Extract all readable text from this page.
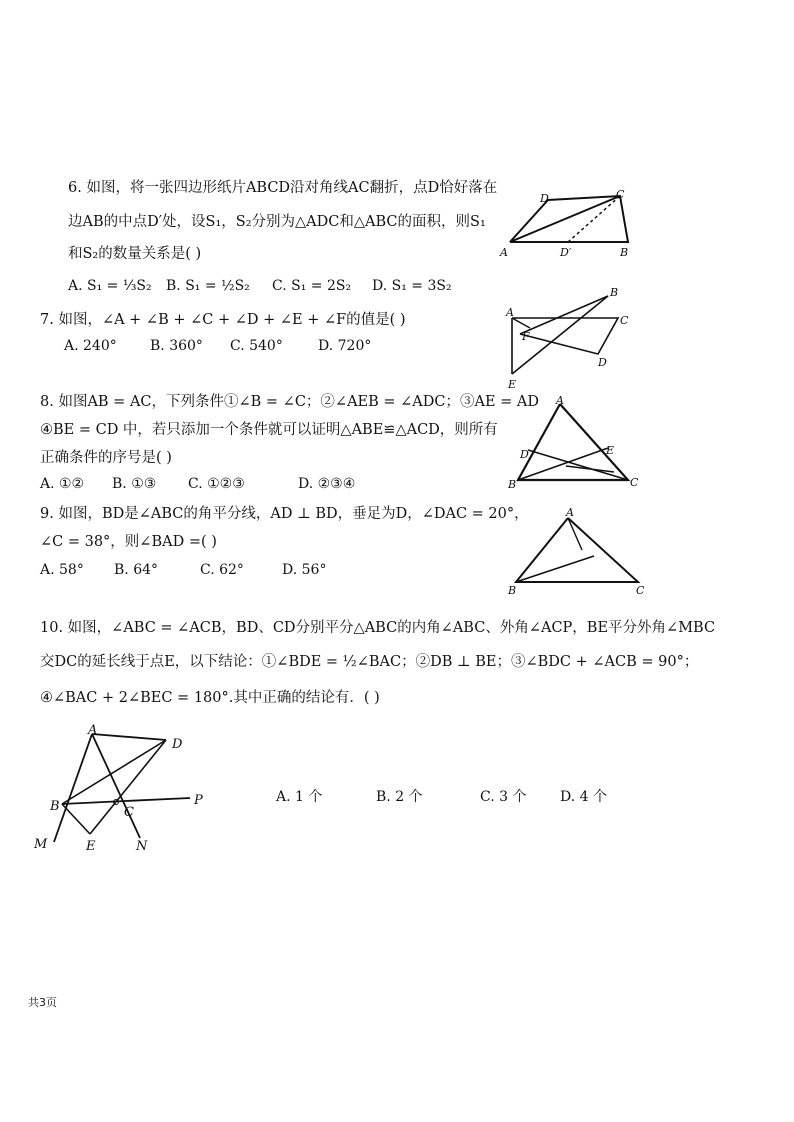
6. 如图，将一张四边形纸片ABCD沿对角线AC翻折，点D恰好落在
边AB的中点D′处，设S₁，S₂分别为△ADC和△ABC的面积，则S₁
和S₂的数量关系是( )
A. S₁ = ⅓S₂ B. S₁ = ½S₂ C. S₁ = 2S₂ D. S₁ = 3S₂
A
D	C
B
D′
7. 如图，∠A + ∠B + ∠C + ∠D + ∠E + ∠F的值是( )
A. 240° B. 360° C. 540°	D. 720°
A
B
C
D
E
F
8. 如图AB = AC，下列条件①∠B = ∠C；②∠AEB = ∠ADC；③AE = AD
④BE = CD 中，若只添加一个条件就可以证明△ABE≌△ACD，则所有
正确条件的序号是( )
A. ①② B. ①③ C. ①②③	D. ②③④
A
B	C
D	E
9. 如图，BD是∠ABC的角平分线，AD ⊥ BD，垂足为D，∠DAC = 20°，
∠C = 38°，则∠BAD =( )
A. 58° B. 64°	C. 62°	D. 56°
A
B	C
10. 如图，∠ABC = ∠ACB，BD、CD分别平分△ABC的内角∠ABC、外角∠ACP，BE平分外角∠MBC
交DC的延长线于点E，以下结论：①∠BDE = ½∠BAC；②DB ⊥ BE；③∠BDC + ∠ACB = 90°；
④∠BAC + 2∠BEC = 180°.其中正确的结论有．( )
A
D
B	C
P
M	E	N
A. 1 个	B. 2 个	C. 3 个 D. 4 个
共3页
